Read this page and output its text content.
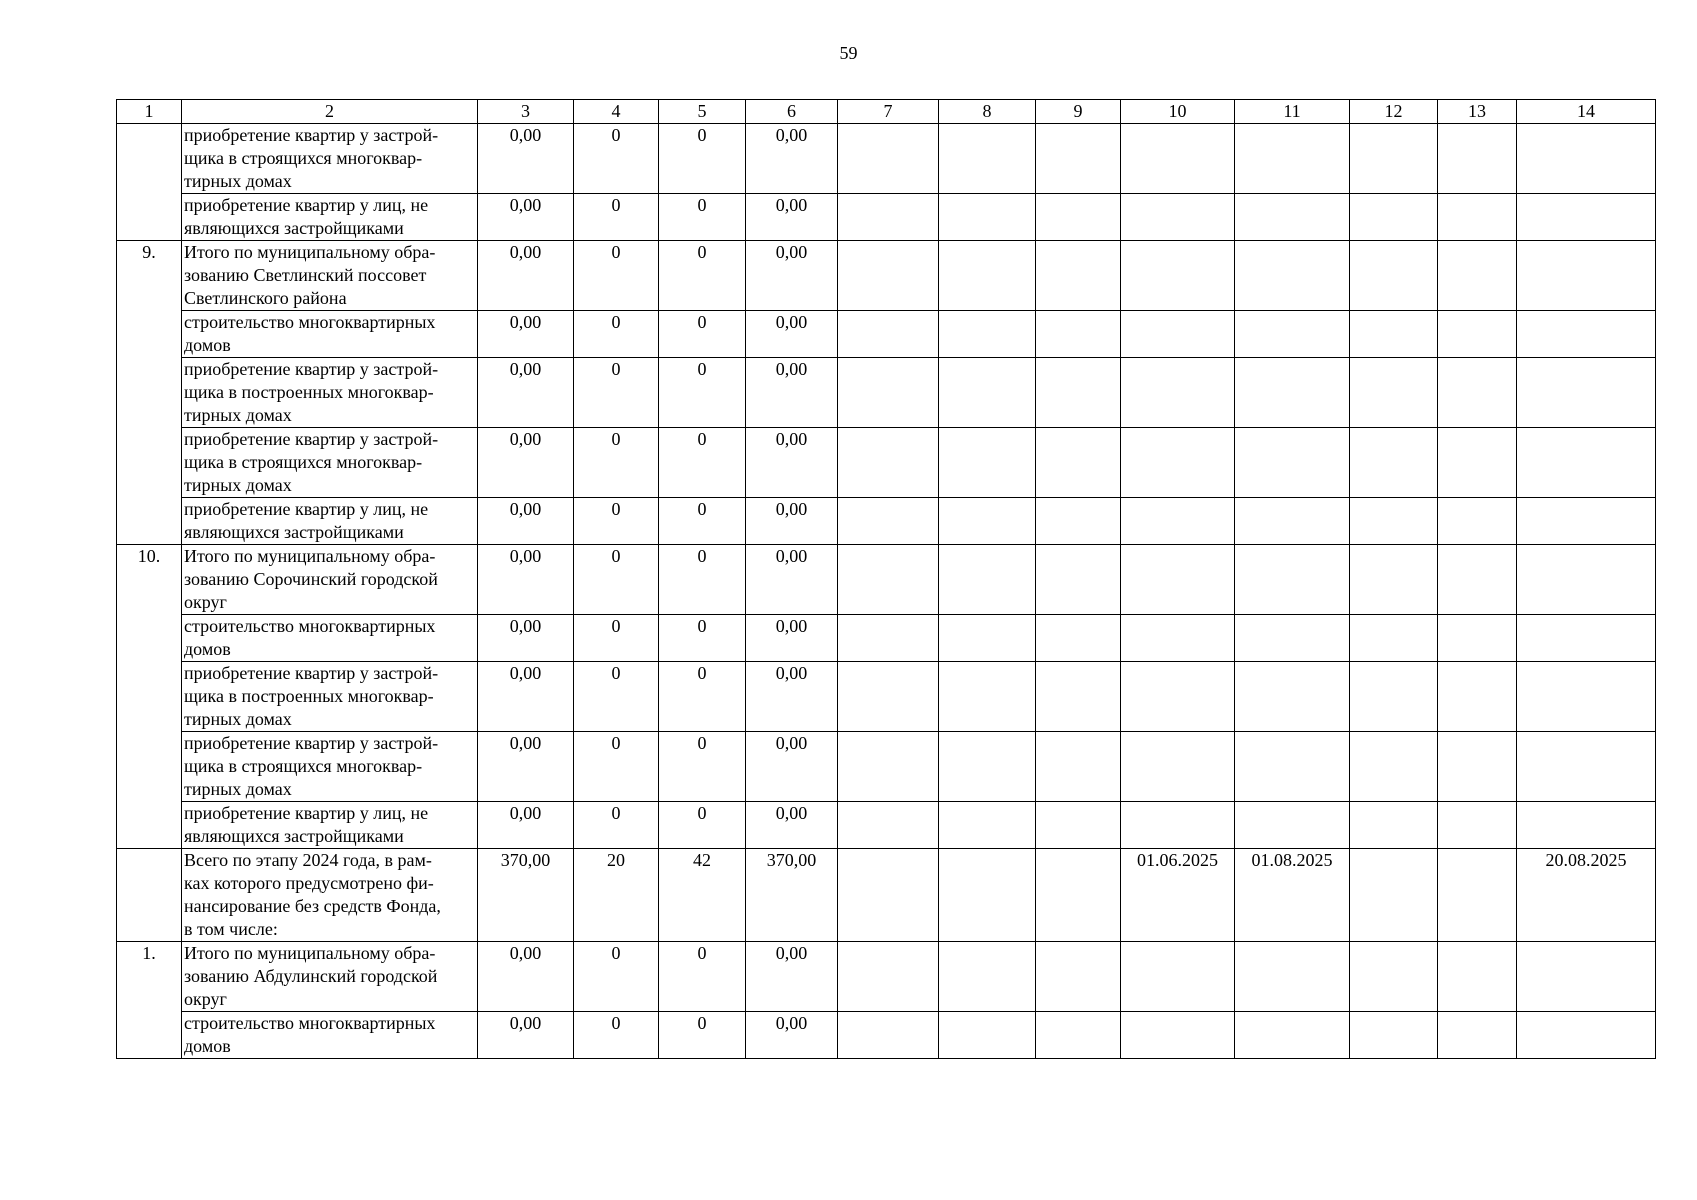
59
1	2	3	4	5	6	7	8	9	10	11	12	13	14
	приобретение квартир у застрой-
щика в строящихся многоквар-
тирных домах	0,00	0	0	0,00								
	приобретение квартир у лиц, не
являющихся застройщиками	0,00	0	0	0,00								
9.	Итого по муниципальному обра-
зованию Светлинский поссовет
Светлинского района	0,00	0	0	0,00								
	строительство многоквартирных
домов	0,00	0	0	0,00								
	приобретение квартир у застрой-
щика в построенных многоквар-
тирных домах	0,00	0	0	0,00								
	приобретение квартир у застрой-
щика в строящихся многоквар-
тирных домах	0,00	0	0	0,00								
	приобретение квартир у лиц, не
являющихся застройщиками	0,00	0	0	0,00								
10.	Итого по муниципальному обра-
зованию Сорочинский городской
округ	0,00	0	0	0,00								
	строительство многоквартирных
домов	0,00	0	0	0,00								
	приобретение квартир у застрой-
щика в построенных многоквар-
тирных домах	0,00	0	0	0,00								
	приобретение квартир у застрой-
щика в строящихся многоквар-
тирных домах	0,00	0	0	0,00								
	приобретение квартир у лиц, не
являющихся застройщиками	0,00	0	0	0,00								
	Всего по этапу 2024 года, в рам-
ках которого предусмотрено фи-
нансирование без средств Фонда,
в том числе:	370,00	20	42	370,00				01.06.2025	01.08.2025			20.08.2025
1.	Итого по муниципальному обра-
зованию Абдулинский городской
округ	0,00	0	0	0,00								
	строительство многоквартирных
домов	0,00	0	0	0,00								
